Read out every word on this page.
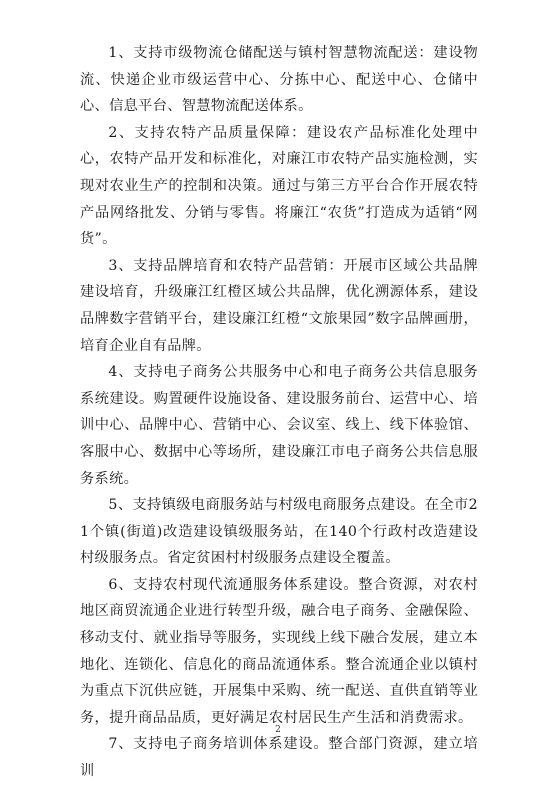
1、支持市级物流仓储配送与镇村智慧物流配送：建设物流、快递企业市级运营中心、分拣中心、配送中心、仓储中心、信息平台、智慧物流配送体系。

2、支持农特产品质量保障：建设农产品标准化处理中心，农特产品开发和标准化，对廉江市农特产品实施检测，实现对农业生产的控制和决策。通过与第三方平台合作开展农特产品网络批发、分销与零售。将廉江“农货”打造成为适销“网货”。

3、支持品牌培育和农特产品营销：开展市区域公共品牌建设培育，升级廉江红橙区域公共品牌，优化溯源体系，建设品牌数字营销平台，建设廉江红橙“文旅果园”数字品牌画册，培育企业自有品牌。

4、支持电子商务公共服务中心和电子商务公共信息服务系统建设。购置硬件设施设备、建设服务前台、运营中心、培训中心、品牌中心、营销中心、会议室、线上、线下体验馆、客服中心、数据中心等场所，建设廉江市电子商务公共信息服务系统。

5、支持镇级电商服务站与村级电商服务点建设。在全市21个镇(街道)改造建设镇级服务站，在140个行政村改造建设村级服务点。省定贫困村村级服务点建设全覆盖。

6、支持农村现代流通服务体系建设。整合资源，对农村地区商贸流通企业进行转型升级，融合电子商务、金融保险、移动支付、就业指导等服务，实现线上线下融合发展，建立本地化、连锁化、信息化的商品流通体系。整合流通企业以镇村为重点下沉供应链，开展集中采购、统一配送、直供直销等业务，提升商品品质，更好满足农村居民生产生活和消费需求。

7、支持电子商务培训体系建设。整合部门资源，建立培训

2
